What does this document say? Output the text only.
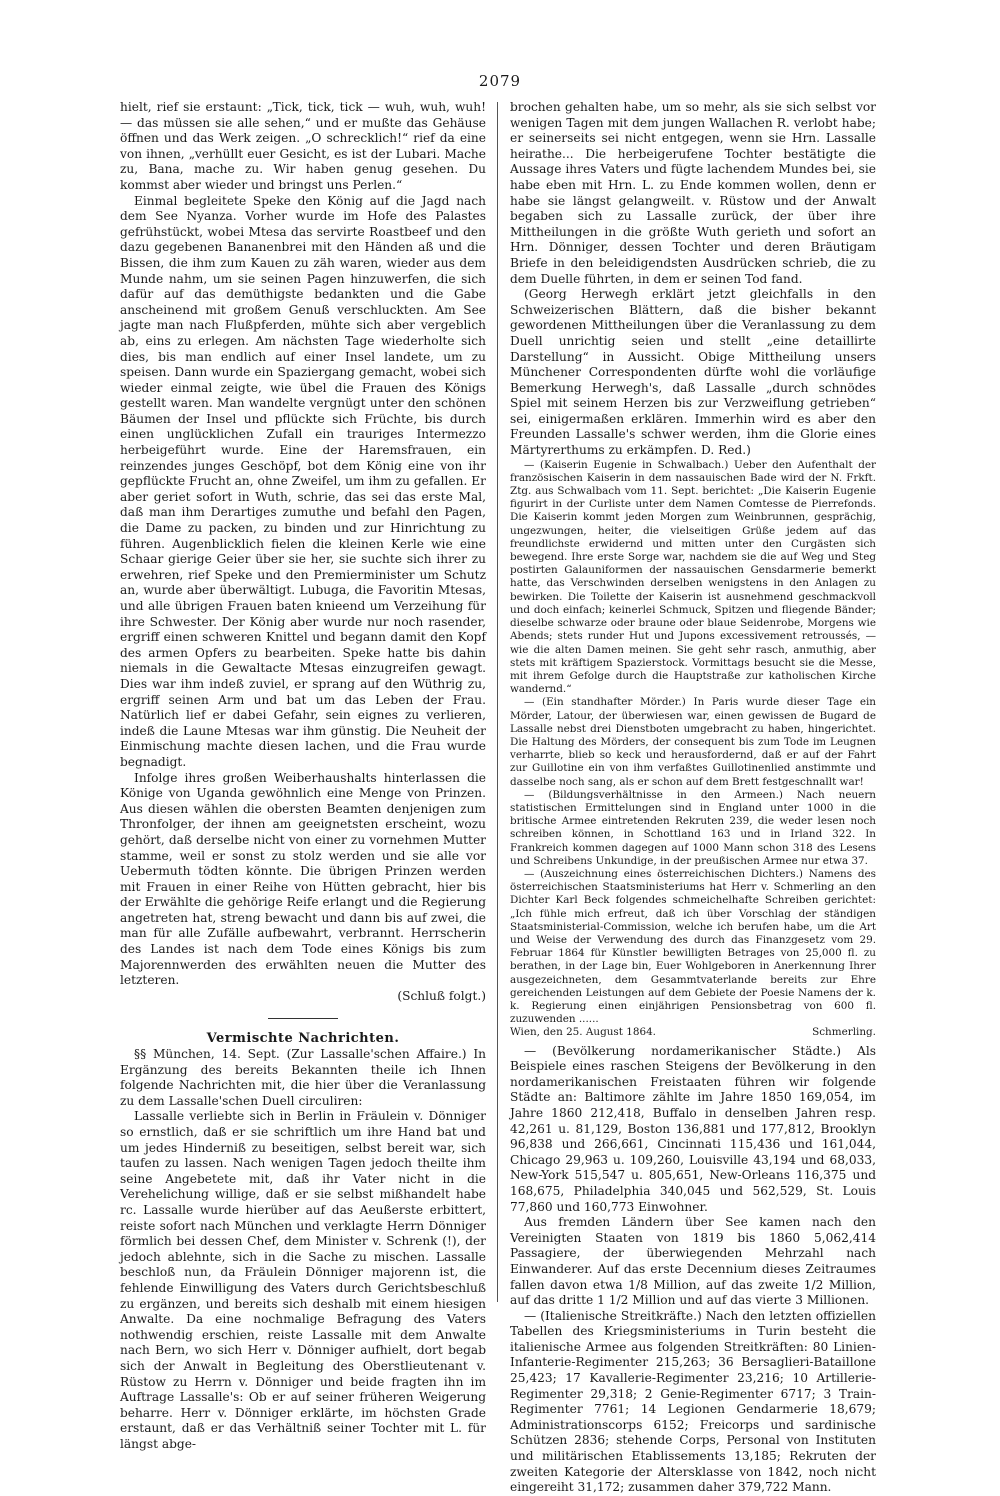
2079

hielt, rief sie erstaunt: „Tick, tick, tick — wuh, wuh, wuh! — das müssen sie alle sehen,“ und er mußte das Gehäuse öffnen und das Werk zeigen. „O schrecklich!“ rief da eine von ihnen, „verhüllt euer Gesicht, es ist der Lubari. Mache zu, Bana, mache zu. Wir haben genug gesehen. Du kommst aber wieder und bringst uns Perlen.“

Einmal begleitete Speke den König auf die Jagd nach dem See Nyanza. Vorher wurde im Hofe des Palastes gefrühstückt, wobei Mtesa das servirte Roastbeef und den dazu gegebenen Bananenbrei mit den Händen aß und die Bissen, die ihm zum Kauen zu zäh waren, wieder aus dem Munde nahm, um sie seinen Pagen hinzuwerfen, die sich dafür auf das demüthigste bedankten und die Gabe anscheinend mit großem Genuß verschluckten. Am See jagte man nach Flußpferden, mühte sich aber vergeblich ab, eins zu erlegen. Am nächsten Tage wiederholte sich dies, bis man endlich auf einer Insel landete, um zu speisen. Dann wurde ein Spaziergang gemacht, wobei sich wieder einmal zeigte, wie übel die Frauen des Königs gestellt waren. Man wandelte vergnügt unter den schönen Bäumen der Insel und pflückte sich Früchte, bis durch einen unglücklichen Zufall ein trauriges Intermezzo herbeigeführt wurde. Eine der Haremsfrauen, ein reinzendes junges Geschöpf, bot dem König eine von ihr gepflückte Frucht an, ohne Zweifel, um ihm zu gefallen. Er aber geriet sofort in Wuth, schrie, das sei das erste Mal, daß man ihm Derartiges zumuthe und befahl den Pagen, die Dame zu packen, zu binden und zur Hinrichtung zu führen. Augenblicklich fielen die kleinen Kerle wie eine Schaar gierige Geier über sie her, sie suchte sich ihrer zu erwehren, rief Speke und den Premierminister um Schutz an, wurde aber überwältigt. Lubuga, die Favoritin Mtesas, und alle übrigen Frauen baten knieend um Verzeihung für ihre Schwester. Der König aber wurde nur noch rasender, ergriff einen schweren Knittel und begann damit den Kopf des armen Opfers zu bearbeiten. Speke hatte bis dahin niemals in die Gewaltacte Mtesas einzugreifen gewagt. Dies war ihm indeß zuviel, er sprang auf den Wüthrig zu, ergriff seinen Arm und bat um das Leben der Frau. Natürlich lief er dabei Gefahr, sein eignes zu verlieren, indeß die Laune Mtesas war ihm günstig. Die Neuheit der Einmischung machte diesen lachen, und die Frau wurde begnadigt.

Infolge ihres großen Weiberhaushalts hinterlassen die Könige von Uganda gewöhnlich eine Menge von Prinzen. Aus diesen wählen die obersten Beamten denjenigen zum Thronfolger, der ihnen am geeignetsten erscheint, wozu gehört, daß derselbe nicht von einer zu vornehmen Mutter stamme, weil er sonst zu stolz werden und sie alle vor Uebermuth tödten könnte. Die übrigen Prinzen werden mit Frauen in einer Reihe von Hütten gebracht, hier bis der Erwählte die gehörige Reife erlangt und die Regierung angetreten hat, streng bewacht und dann bis auf zwei, die man für alle Zufälle aufbewahrt, verbrannt. Herrscherin des Landes ist nach dem Tode eines Königs bis zum Majorennwerden des erwählten neuen die Mutter des letzteren.

(Schluß folgt.)

Vermischte Nachrichten.

§§ München, 14. Sept. (Zur Lassalle'schen Affaire.) In Ergänzung des bereits Bekannten theile ich Ihnen folgende Nachrichten mit, die hier über die Veranlassung zu dem Lassalle'schen Duell circuliren:

Lassalle verliebte sich in Berlin in Fräulein v. Dönniger so ernstlich, daß er sie schriftlich um ihre Hand bat und um jedes Hinderniß zu beseitigen, selbst bereit war, sich taufen zu lassen. Nach wenigen Tagen jedoch theilte ihm seine Angebetete mit, daß ihr Vater nicht in die Verehelichung willige, daß er sie selbst mißhandelt habe rc. Lassalle wurde hierüber auf das Aeußerste erbittert, reiste sofort nach München und verklagte Herrn Dönniger förmlich bei dessen Chef, dem Minister v. Schrenk (!), der jedoch ablehnte, sich in die Sache zu mischen. Lassalle beschloß nun, da Fräulein Dönniger majorenn ist, die fehlende Einwilligung des Vaters durch Gerichtsbeschluß zu ergänzen, und bereits sich deshalb mit einem hiesigen Anwalte. Da eine nochmalige Befragung des Vaters nothwendig erschien, reiste Lassalle mit dem Anwalte nach Bern, wo sich Herr v. Dönniger aufhielt, dort begab sich der Anwalt in Begleitung des Oberstlieutenant v. Rüstow zu Herrn v. Dönniger und beide fragten ihn im Auftrage Lassalle's: Ob er auf seiner früheren Weigerung beharre. Herr v. Dönniger erklärte, im höchsten Grade erstaunt, daß er das Verhältniß seiner Tochter mit L. für längst abge-

brochen gehalten habe, um so mehr, als sie sich selbst vor wenigen Tagen mit dem jungen Wallachen R. verlobt habe; er seinerseits sei nicht entgegen, wenn sie Hrn. Lassalle heirathe... Die herbeigerufene Tochter bestätigte die Aussage ihres Vaters und fügte lachendem Mundes bei, sie habe eben mit Hrn. L. zu Ende kommen wollen, denn er habe sie längst gelangweilt. v. Rüstow und der Anwalt begaben sich zu Lassalle zurück, der über ihre Mittheilungen in die größte Wuth gerieth und sofort an Hrn. Dönniger, dessen Tochter und deren Bräutigam Briefe in den beleidigendsten Ausdrücken schrieb, die zu dem Duelle führten, in dem er seinen Tod fand.

(Georg Herwegh erklärt jetzt gleichfalls in den Schweizerischen Blättern, daß die bisher bekannt gewordenen Mittheilungen über die Veranlassung zu dem Duell unrichtig seien und stellt „eine detaillirte Darstellung“ in Aussicht. Obige Mittheilung unsers Münchener Correspondenten dürfte wohl die vorläufige Bemerkung Herwegh's, daß Lassalle „durch schnödes Spiel mit seinem Herzen bis zur Verzweiflung getrieben“ sei, einigermaßen erklären. Immerhin wird es aber den Freunden Lassalle's schwer werden, ihm die Glorie eines Märtyrerthums zu erkämpfen. D. Red.)

— (Kaiserin Eugenie in Schwalbach.) Ueber den Aufenthalt der französischen Kaiserin in dem nassauischen Bade wird der N. Frkft. Ztg. aus Schwalbach vom 11. Sept. berichtet: „Die Kaiserin Eugenie figurirt in der Curliste unter dem Namen Comtesse de Pierrefonds. Die Kaiserin kommt jeden Morgen zum Weinbrunnen, gesprächig, ungezwungen, heiter, die vielseitigen Grüße jedem auf das freundlichste erwidernd und mitten unter den Curgästen sich bewegend. Ihre erste Sorge war, nachdem sie die auf Weg und Steg postirten Galauniformen der nassauischen Gensdarmerie bemerkt hatte, das Verschwinden derselben wenigstens in den Anlagen zu bewirken. Die Toilette der Kaiserin ist ausnehmend geschmackvoll und doch einfach; keinerlei Schmuck, Spitzen und fliegende Bänder; dieselbe schwarze oder braune oder blaue Seidenrobe, Morgens wie Abends; stets runder Hut und Jupons excessivement retroussés, — wie die alten Damen meinen. Sie geht sehr rasch, anmuthig, aber stets mit kräftigem Spazierstock. Vormittags besucht sie die Messe, mit ihrem Gefolge durch die Hauptstraße zur katholischen Kirche wandernd.“

— (Ein standhafter Mörder.) In Paris wurde dieser Tage ein Mörder, Latour, der überwiesen war, einen gewissen de Bugard de Lassalle nebst drei Dienstboten umgebracht zu haben, hingerichtet. Die Haltung des Mörders, der consequent bis zum Tode im Leugnen verharrte, blieb so keck und herausfordernd, daß er auf der Fahrt zur Guillotine ein von ihm verfaßtes Guillotinenlied anstimmte und dasselbe noch sang, als er schon auf dem Brett festgeschnallt war!

— (Bildungsverhältnisse in den Armeen.) Nach neuern statistischen Ermittelungen sind in England unter 1000 in die britische Armee eintretenden Rekruten 239, die weder lesen noch schreiben können, in Schottland 163 und in Irland 322. In Frankreich kommen dagegen auf 1000 Mann schon 318 des Lesens und Schreibens Unkundige, in der preußischen Armee nur etwa 37.

— (Auszeichnung eines österreichischen Dichters.) Namens des österreichischen Staatsministeriums hat Herr v. Schmerling an den Dichter Karl Beck folgendes schmeichelhafte Schreiben gerichtet: „Ich fühle mich erfreut, daß ich über Vorschlag der ständigen Staatsministerial-Commission, welche ich berufen habe, um die Art und Weise der Verwendung des durch das Finanzgesetz vom 29. Februar 1864 für Künstler bewilligten Betrages von 25,000 fl. zu berathen, in der Lage bin, Euer Wohlgeboren in Anerkennung Ihrer ausgezeichneten, dem Gesammtvaterlande bereits zur Ehre gereichenden Leistungen auf dem Gebiete der Poesie Namens der k. k. Regierung einen einjährigen Pensionsbetrag von 600 fl. zuzuwenden ......

Wien, den 25. August 1864.	Schmerling.

— (Bevölkerung nordamerikanischer Städte.) Als Beispiele eines raschen Steigens der Bevölkerung in den nordamerikanischen Freistaaten führen wir folgende Städte an: Baltimore zählte im Jahre 1850 169,054, im Jahre 1860 212,418, Buffalo in denselben Jahren resp. 42,261 u. 81,129, Boston 136,881 und 177,812, Brooklyn 96,838 und 266,661, Cincinnati 115,436 und 161,044, Chicago 29,963 u. 109,260, Louisville 43,194 und 68,033, New-York 515,547 u. 805,651, New-Orleans 116,375 und 168,675, Philadelphia 340,045 und 562,529, St. Louis 77,860 und 160,773 Einwohner.

Aus fremden Ländern über See kamen nach den Vereinigten Staaten von 1819 bis 1860 5,062,414 Passagiere, der überwiegenden Mehrzahl nach Einwanderer. Auf das erste Decennium dieses Zeitraumes fallen davon etwa 1/8 Million, auf das zweite 1/2 Million, auf das dritte 1 1/2 Million und auf das vierte 3 Millionen.

— (Italienische Streitkräfte.) Nach den letzten offiziellen Tabellen des Kriegsministeriums in Turin besteht die italienische Armee aus folgenden Streitkräften: 80 Linien-Infanterie-Regimenter 215,263; 36 Bersaglieri-Bataillone 25,423; 17 Kavallerie-Regimenter 23,216; 10 Artillerie-Regimenter 29,318; 2 Genie-Regimenter 6717; 3 Train-Regimenter 7761; 14 Legionen Gendarmerie 18,679; Administrationscorps 6152; Freicorps und sardinische Schützen 2836; stehende Corps, Personal von Instituten und militärischen Etablissements 13,185; Rekruten der zweiten Kategorie der Altersklasse von 1842, noch nicht eingereiht 31,172; zusammen daher 379,722 Mann.
